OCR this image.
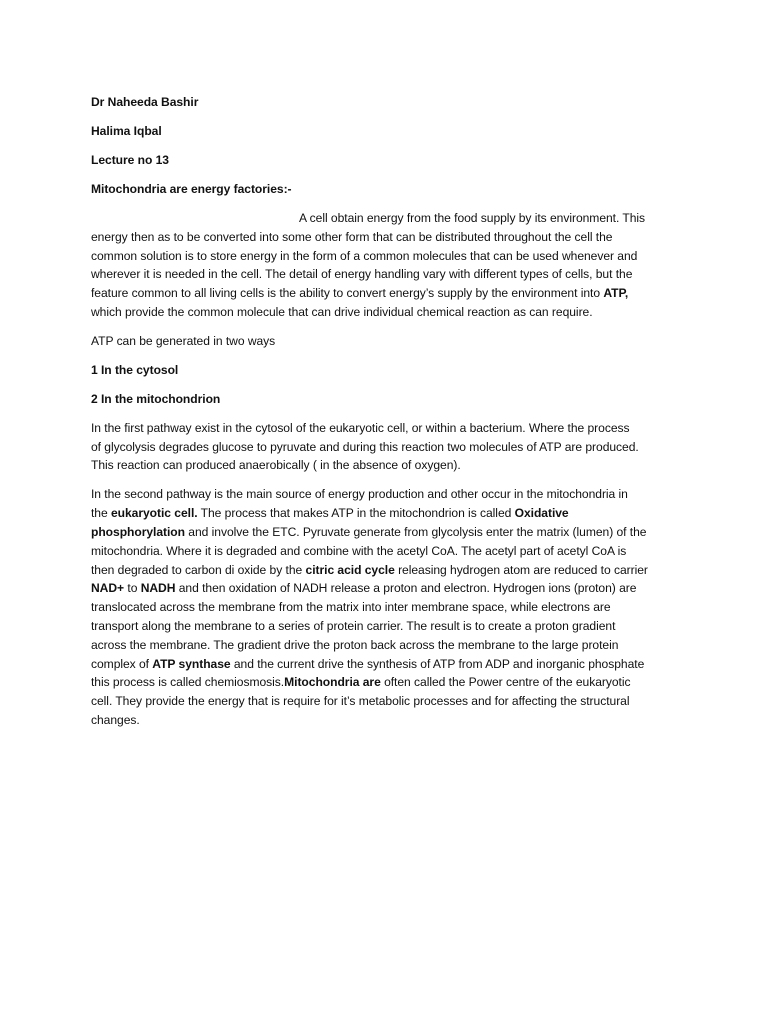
Dr Naheeda Bashir
Halima Iqbal
Lecture no 13
Mitochondria are energy factories:-
A cell obtain energy from the food supply by its environment. This
energy then as to be converted into some other form that can be distributed throughout the cell the
common solution is to store energy in the form of a common molecules that can be used whenever and
wherever it is needed in the cell. The detail of energy handling vary with different types of cells, but the
feature common to all living cells is the ability to convert energy’s supply by the environment into ATP,
which provide the common molecule that can drive individual chemical reaction as can require.
ATP can be generated in two ways
1 In the cytosol
2 In the mitochondrion
In the first pathway exist in the cytosol of the eukaryotic cell, or within a bacterium. Where the process
of glycolysis degrades glucose to pyruvate and during this reaction two molecules of ATP are produced.
This reaction can produced anaerobically ( in the absence of oxygen).
In the second pathway is the main source of energy production and other occur in the mitochondria in
the eukaryotic cell. The process that makes ATP in the mitochondrion is called Oxidative
phosphorylation and involve the ETC. Pyruvate generate from glycolysis enter the matrix (lumen) of the
mitochondria. Where it is degraded and combine with the acetyl CoA. The acetyl part of acetyl CoA is
then degraded to carbon di oxide by the citric acid cycle releasing hydrogen atom are reduced to carrier
NAD+ to NADH and then oxidation of NADH release a proton and electron. Hydrogen ions (proton) are
translocated across the membrane from the matrix into inter membrane space, while electrons are
transport along the membrane to a series of protein carrier. The result is to create a proton gradient
across the membrane. The gradient drive the proton back across the membrane to the large protein
complex of ATP synthase and the current drive the synthesis of ATP from ADP and inorganic phosphate
this process is called chemiosmosis.Mitochondria are often called the Power centre of the eukaryotic
cell. They provide the energy that is require for it’s metabolic processes and for affecting the structural
changes.
